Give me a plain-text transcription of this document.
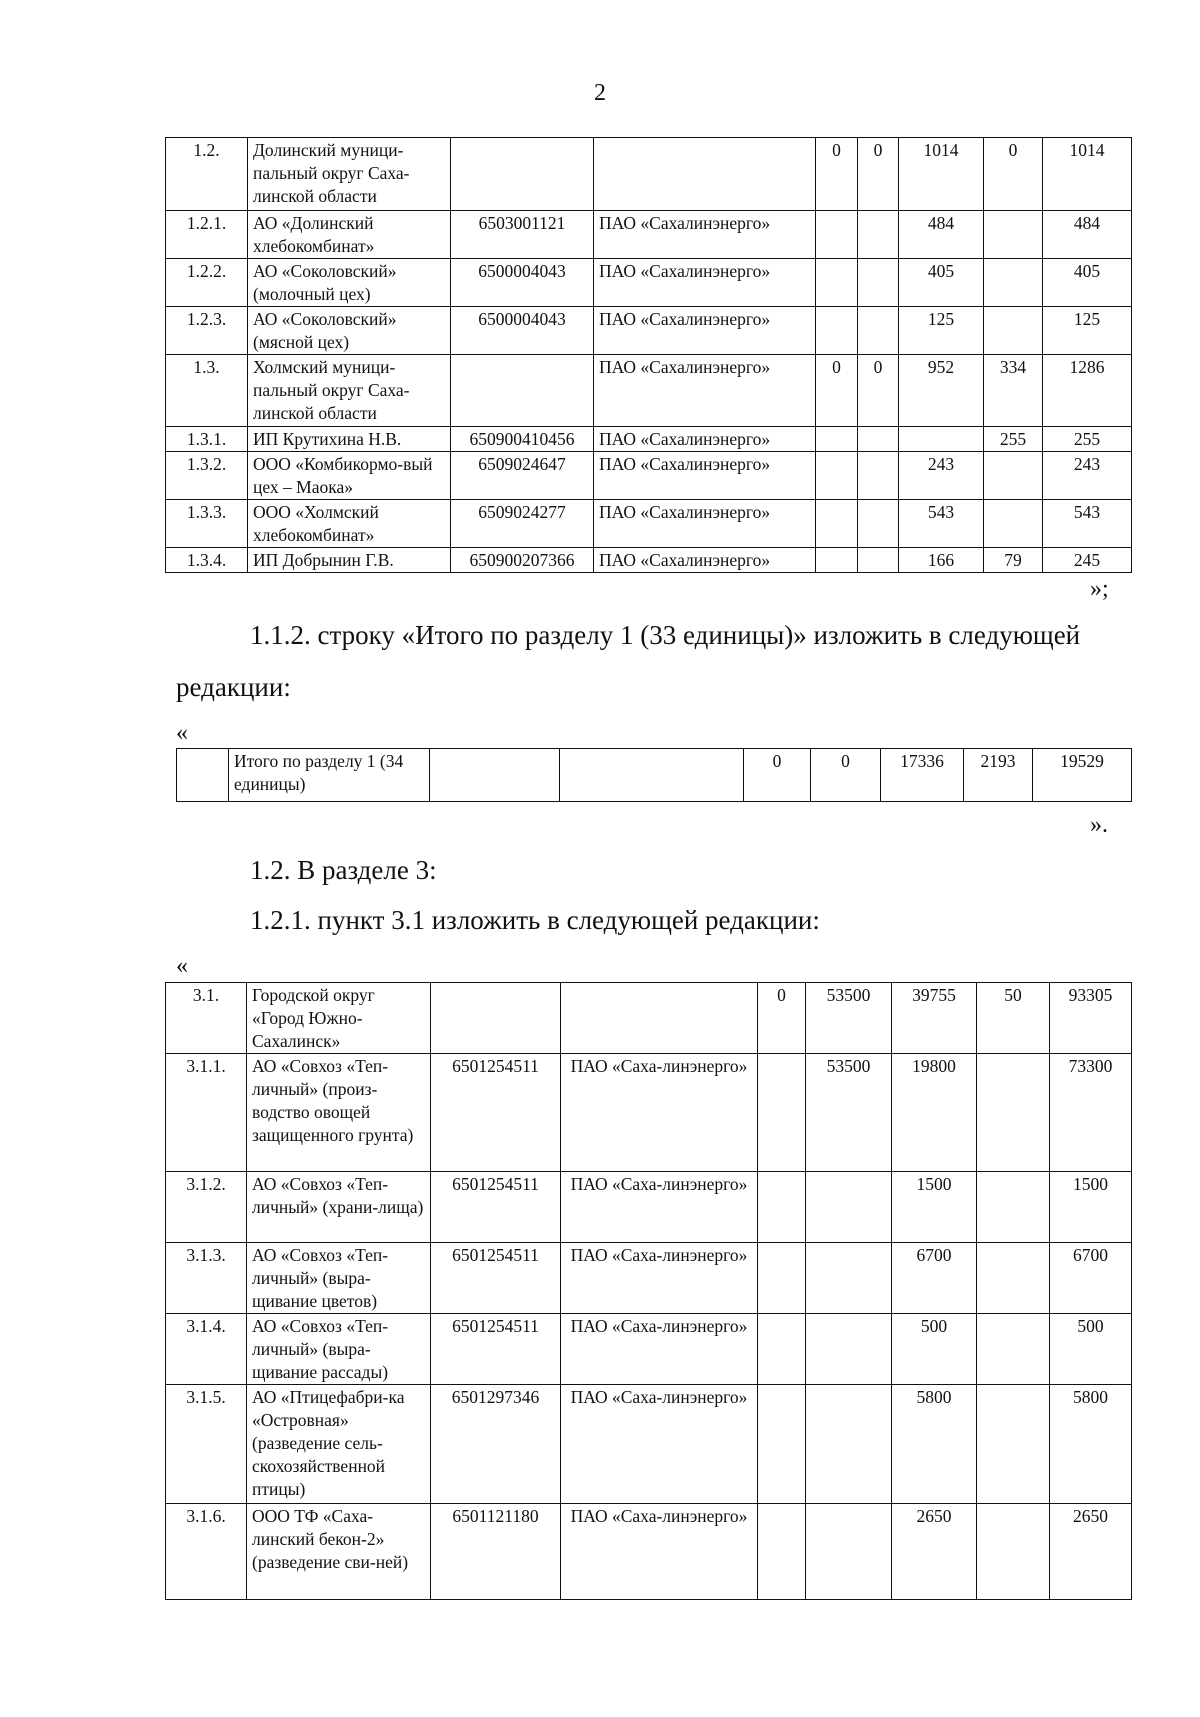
2
1.2.	Долинский муници-пальный округ Саха-линской области			0	0	1014	0	1014
1.2.1.	АО «Долинский хлебокомбинат»	6503001121	ПАО «Сахалинэнерго»			484		484
1.2.2.	АО «Соколовский» (молочный цех)	6500004043	ПАО «Сахалинэнерго»			405		405
1.2.3.	АО «Соколовский» (мясной цех)	6500004043	ПАО «Сахалинэнерго»			125		125
1.3.	Холмский муници-пальный округ Саха-линской области		ПАО «Сахалинэнерго»	0	0	952	334	1286
1.3.1.	ИП Крутихина Н.В.	650900410456	ПАО «Сахалинэнерго»				255	255
1.3.2.	ООО «Комбикормо-вый цех – Маока»	6509024647	ПАО «Сахалинэнерго»			243		243
1.3.3.	ООО «Холмский хлебокомбинат»	6509024277	ПАО «Сахалинэнерго»			543		543
1.3.4.	ИП Добрынин Г.В.	650900207366	ПАО «Сахалинэнерго»			166	79	245
»;
1.1.2. строку «Итого по разделу 1 (33 единицы)» изложить в следующей
редакции:
«
	Итого по разделу 1 (34 единицы)			0	0	17336	2193	19529
».
1.2. В разделе 3:
1.2.1. пункт 3.1 изложить в следующей редакции:
«
3.1.	Городской округ «Город Южно-Сахалинск»			0	53500	39755	50	93305
3.1.1.	АО «Совхоз «Теп-личный» (произ-водство овощей защищенного грунта)	6501254511	ПАО «Саха-линэнерго»		53500	19800		73300
3.1.2.	АО «Совхоз «Теп-личный» (храни-лища)	6501254511	ПАО «Саха-линэнерго»			1500		1500
3.1.3.	АО «Совхоз «Теп-личный» (выра-щивание цветов)	6501254511	ПАО «Саха-линэнерго»			6700		6700
3.1.4.	АО «Совхоз «Теп-личный» (выра-щивание рассады)	6501254511	ПАО «Саха-линэнерго»			500		500
3.1.5.	АО «Птицефабри-ка «Островная» (разведение сель-скохозяйственной птицы)	6501297346	ПАО «Саха-линэнерго»			5800		5800
3.1.6.	ООО ТФ «Саха-линский бекон-2» (разведение сви-ней)	6501121180	ПАО «Саха-линэнерго»			2650		2650
